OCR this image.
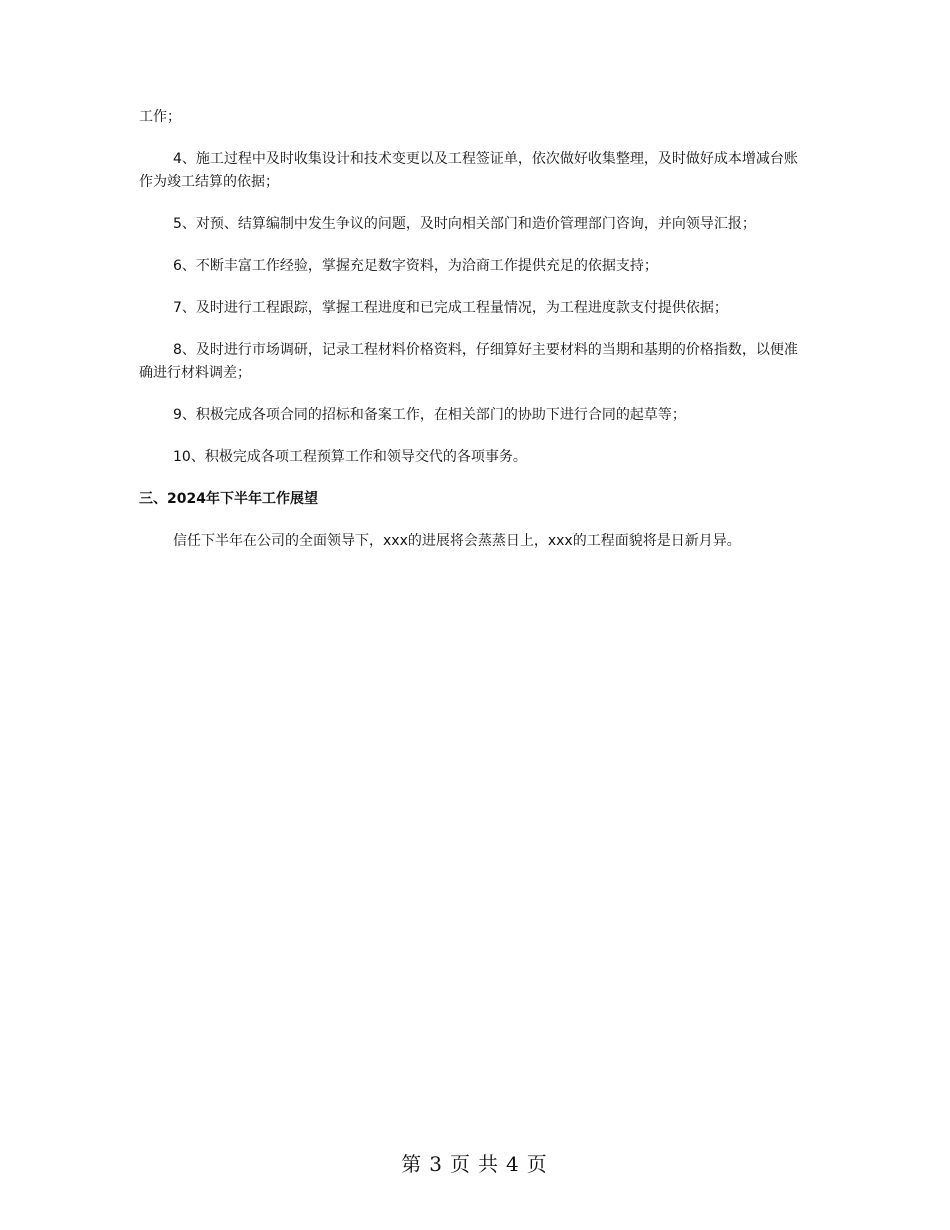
工作；

4、施工过程中及时收集设计和技术变更以及工程签证单，依次做好收集整理，及时做好成本增减台账作为竣工结算的依据；

5、对预、结算编制中发生争议的问题，及时向相关部门和造价管理部门咨询，并向领导汇报；

6、不断丰富工作经验，掌握充足数字资料，为洽商工作提供充足的依据支持；

7、及时进行工程跟踪，掌握工程进度和已完成工程量情况，为工程进度款支付提供依据；

8、及时进行市场调研，记录工程材料价格资料，仔细算好主要材料的当期和基期的价格指数，以便准确进行材料调差；

9、积极完成各项合同的招标和备案工作，在相关部门的协助下进行合同的起草等；

10、积极完成各项工程预算工作和领导交代的各项事务。

三、2024年下半年工作展望

信任下半年在公司的全面领导下，xxx的进展将会蒸蒸日上，xxx的工程面貌将是日新月异。

第 3 页 共 4 页
